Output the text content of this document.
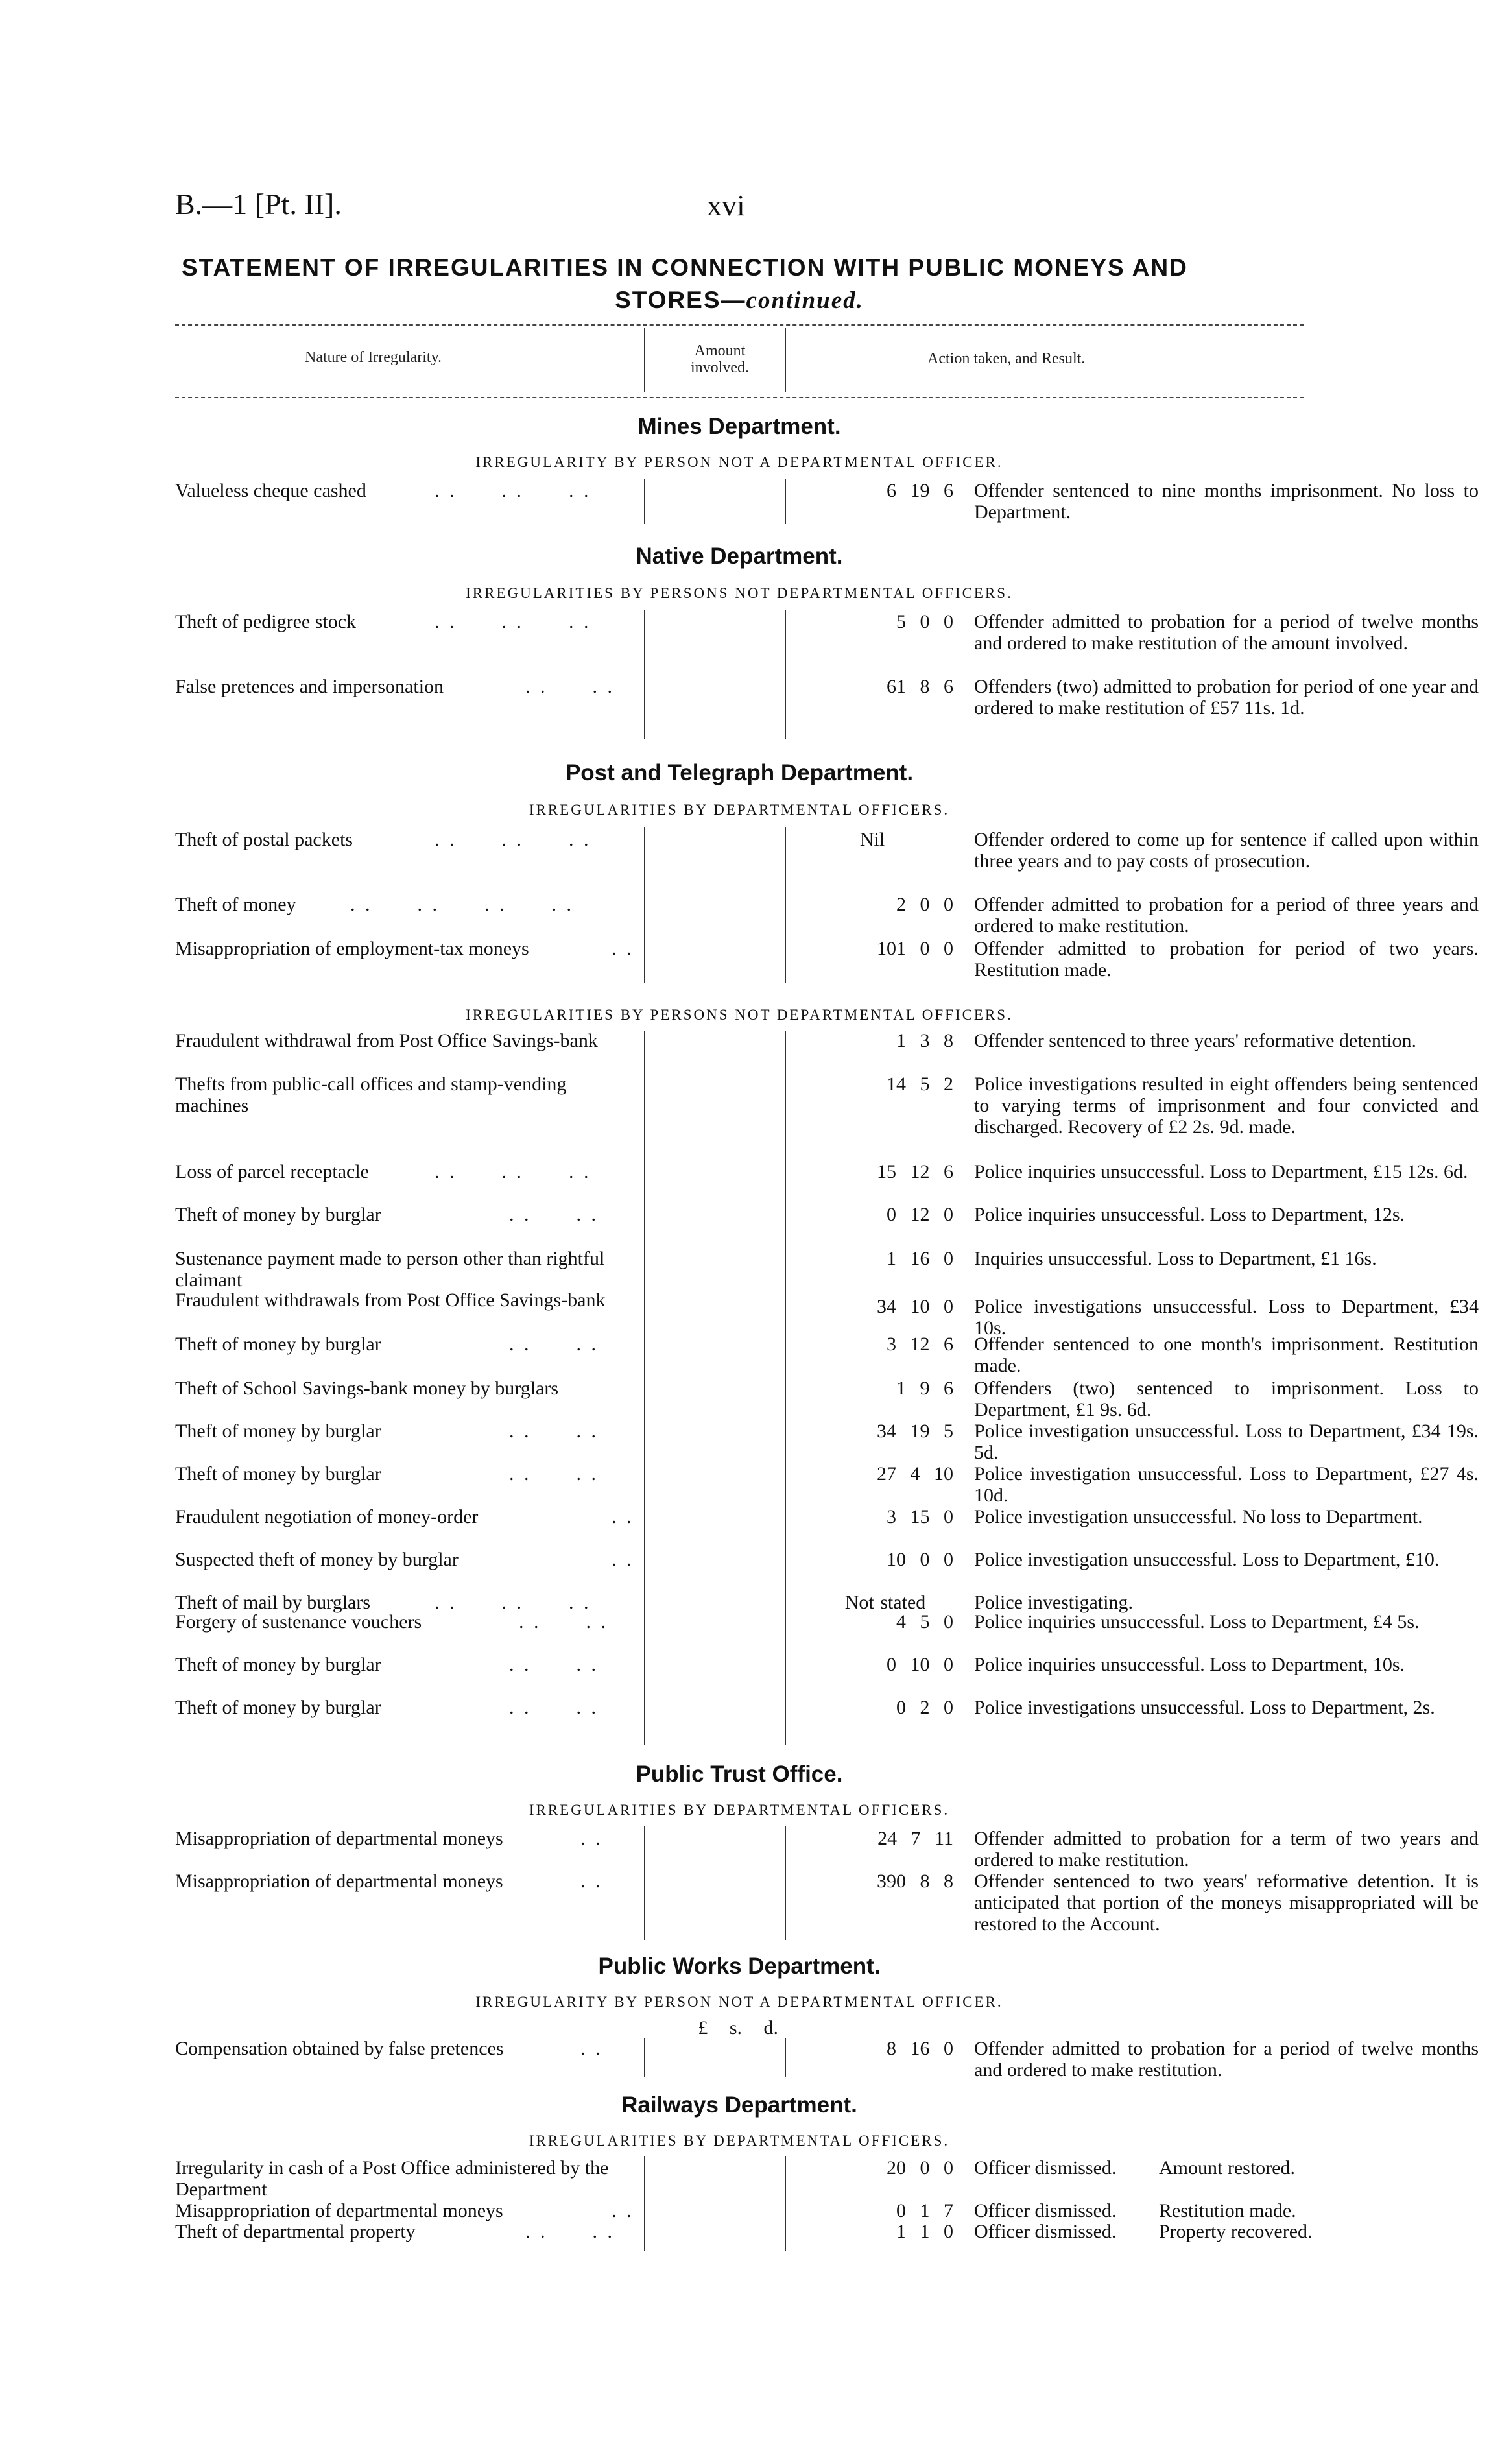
B.—1 [Pt. II].	xvi
STATEMENT OF IRREGULARITIES IN CONNECTION WITH PUBLIC MONEYS AND
STORES—continued.
Nature of Irregularity.	Amount involved.
Action taken, and Result.
Mines Department.
IRREGULARITY BY PERSON NOT A DEPARTMENTAL OFFICER.
Valueless cheque cashed	. .      . .      . .	6 19 6 Offender sentenced to nine months imprisonment. No loss to Department.
Native Department.
IRREGULARITIES BY PERSONS NOT DEPARTMENTAL OFFICERS.
Theft of pedigree stock	. .      . .      . .	5 0 0 Offender admitted to probation for a period of twelve months and ordered to make restitution of the amount involved.
False pretences and impersonation	. .      . .	61 8 6 Offenders (two) admitted to probation for period of one year and ordered to make restitution of £57 11s. 1d.
Post and Telegraph Department.
IRREGULARITIES BY DEPARTMENTAL OFFICERS.
Theft of postal packets	. .      . .      . .	Nil	Offender ordered to come up for sentence if called upon within three years and to pay costs of prosecution.
Theft of money	. .      . .      . .      . .	2 0 0 Offender admitted to probation for a period of three years and ordered to make restitution.
Misappropriation of employment-tax moneys	. .	101 0 0 Offender admitted to probation for period of two years. Restitution made.
IRREGULARITIES BY PERSONS NOT DEPARTMENTAL OFFICERS.
Fraudulent withdrawal from Post Office Savings-bank	1 3 8 Offender sentenced to three years' reformative detention.
Thefts from public-call offices and stamp-vending machines
14 5 2 Police investigations resulted in eight offenders being sentenced to varying terms of imprisonment and four convicted and discharged. Recovery of £2 2s. 9d. made.
Loss of parcel receptacle	. .      . .      . .	15 12 6 Police inquiries unsuccessful. Loss to Department, £15 12s. 6d.
Theft of money by burglar	. .      . .	0 12 0 Police inquiries unsuccessful. Loss to Department, 12s.
Sustenance payment made to person other than rightful claimant
1 16 0 Inquiries unsuccessful. Loss to Department, £1 16s.
Fraudulent withdrawals from Post Office Savings-bank	34 10 0 Police investigations unsuccessful. Loss to Department, £34 10s.
Theft of money by burglar	. .      . .	3 12 6 Offender sentenced to one month's imprisonment. Restitution made.
Theft of School Savings-bank money by burglars	1 9 6 Offenders (two) sentenced to imprisonment. Loss to Department, £1 9s. 6d.
Theft of money by burglar	. .      . .	34 19 5 Police investigation unsuccessful. Loss to Department, £34 19s. 5d.
Theft of money by burglar	. .      . .	27 4 10 Police investigation unsuccessful. Loss to Department, £27 4s. 10d.
Fraudulent negotiation of money-order	. .	3 15 0 Police investigation unsuccessful. No loss to Department.
Suspected theft of money by burglar	. .	10 0 0 Police investigation unsuccessful. Loss to Department, £10.
Theft of mail by burglars	. .      . .      . .	Not stated	Police investigating.
Forgery of sustenance vouchers	. .      . .	4 5 0 Police inquiries unsuccessful. Loss to Department, £4 5s.
Theft of money by burglar	. .      . .	0 10 0 Police inquiries unsuccessful. Loss to Department, 10s.
Theft of money by burglar	. .      . .	0 2 0 Police investigations unsuccessful. Loss to Department, 2s.
Public Trust Office.
IRREGULARITIES BY DEPARTMENTAL OFFICERS.
Misappropriation of departmental moneys	. .	24 7 11 Offender admitted to probation for a term of two years and ordered to make restitution.
Misappropriation of departmental moneys	. .	390 8 8 Offender sentenced to two years' reformative detention. It is anticipated that portion of the moneys misappropriated will be restored to the Account.
Public Works Department.
IRREGULARITY BY PERSON NOT A DEPARTMENTAL OFFICER.
£ s. d.
Compensation obtained by false pretences	. .	8 16 0 Offender admitted to probation for a period of twelve months and ordered to make restitution.
Railways Department.
IRREGULARITIES BY DEPARTMENTAL OFFICERS.
Irregularity in cash of a Post Office administered by the Department
20 0 0 Officer dismissed. Amount restored.
Misappropriation of departmental moneys	. .	0 1 7 Officer dismissed. Restitution made.
Theft of departmental property	. .      . .	1 1 0 Officer dismissed. Property recovered.
